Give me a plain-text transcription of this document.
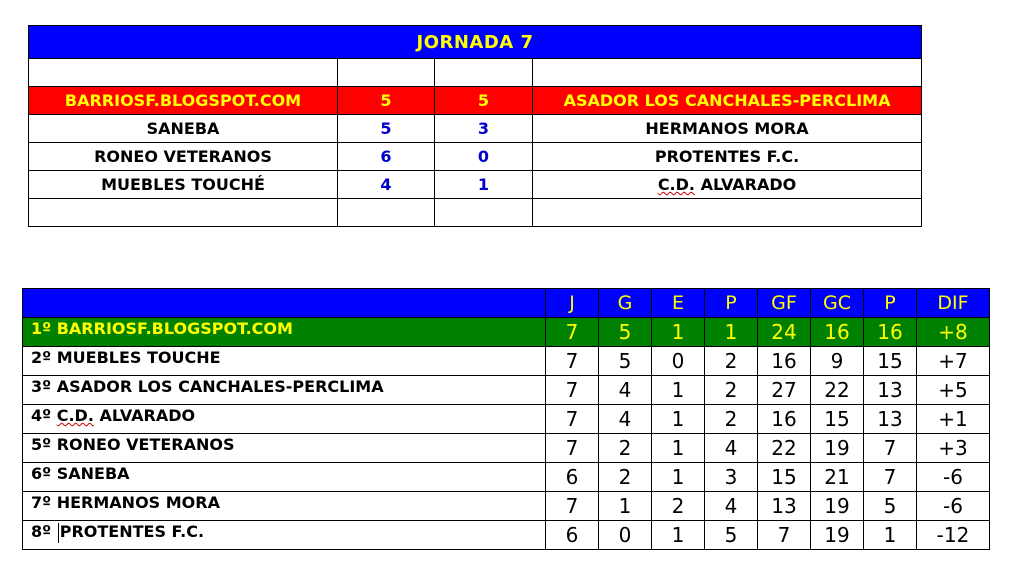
JORNADA 7			

BARRIOSF.BLOGSPOT.COM	5	5	ASADOR LOS CANCHALES-PERCLIMA
SANEBA	5	3	HERMANOS MORA
RONEO VETERANOS	6	0	PROTENTES F.C.
MUEBLES TOUCHÉ	4	1	C.D. ALVARADO

	J	G	E	P	GF	GC	P	DIF
1º BARRIOSF.BLOGSPOT.COM	7	5	1	1	24	16	16	+8
2º MUEBLES TOUCHE	7	5	0	2	16	9	15	+7
3º ASADOR LOS CANCHALES-PERCLIMA	7	4	1	2	27	22	13	+5
4º C.D. ALVARADO	7	4	1	2	16	15	13	+1
5º RONEO VETERANOS	7	2	1	4	22	19	7	+3
6º SANEBA	6	2	1	3	15	21	7	-6
7º HERMANOS MORA	7	1	2	4	13	19	5	-6
8º PROTENTES F.C.	6	0	1	5	7	19	1	-12
